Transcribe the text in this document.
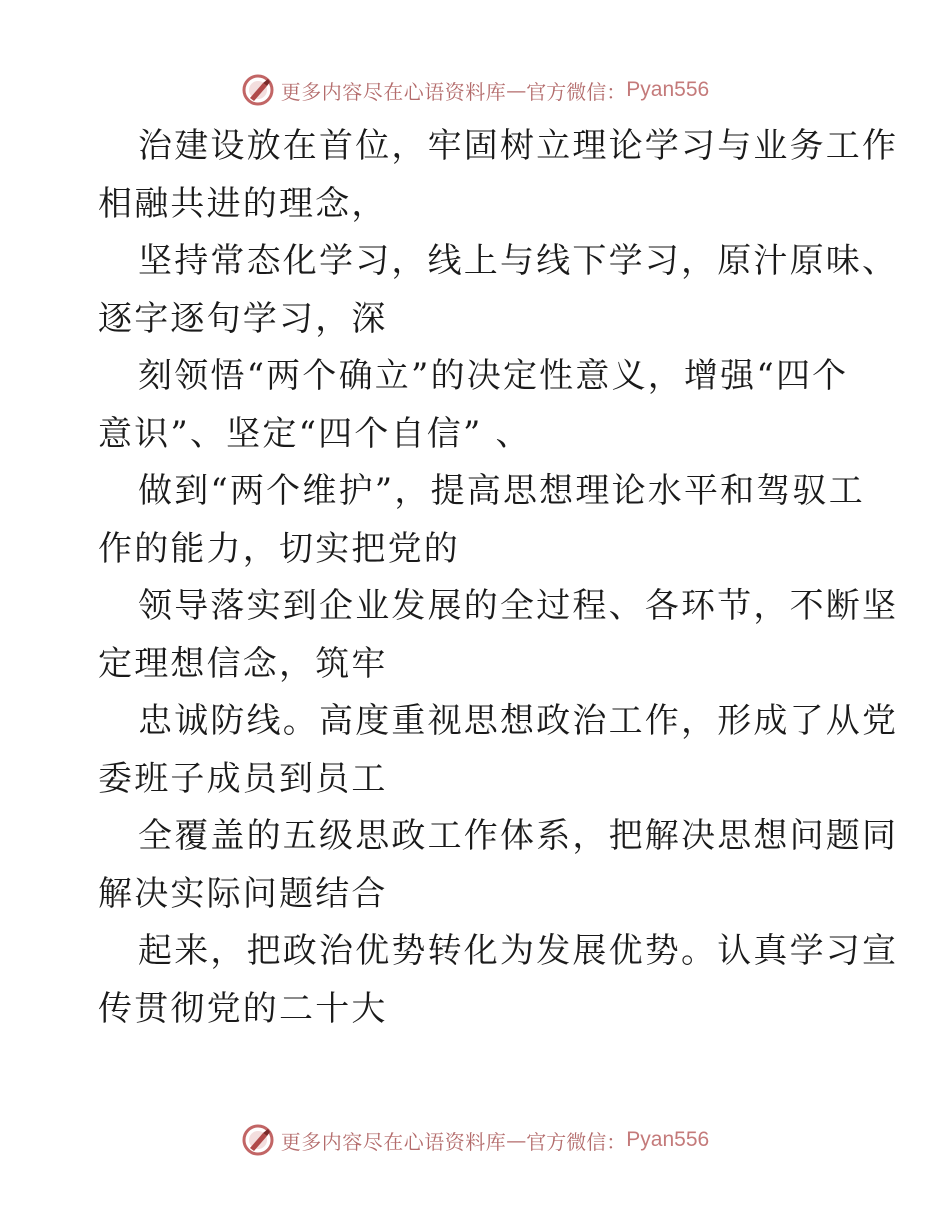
更多内容尽在心语资料库 — 官方微信： Pyan556
治建设放在首位，牢固树立理论学习与业务工作
相融共进的理念，
坚持常态化学习，线上与线下学习，原汁原味、
逐字逐句学习，深
刻领悟“两个确立”的决定性意义，增强“四个
意识”、坚定“四个自信” 、
做到“两个维护”，提高思想理论水平和驾驭工
作的能力，切实把党的
领导落实到企业发展的全过程、各环节，不断坚
定理想信念，筑牢
忠诚防线。高度重视思想政治工作，形成了从党
委班子成员到员工
全覆盖的五级思政工作体系，把解决思想问题同
解决实际问题结合
起来，把政治优势转化为发展优势。认真学习宣
传贯彻党的二十大
更多内容尽在心语资料库 — 官方微信： Pyan556
